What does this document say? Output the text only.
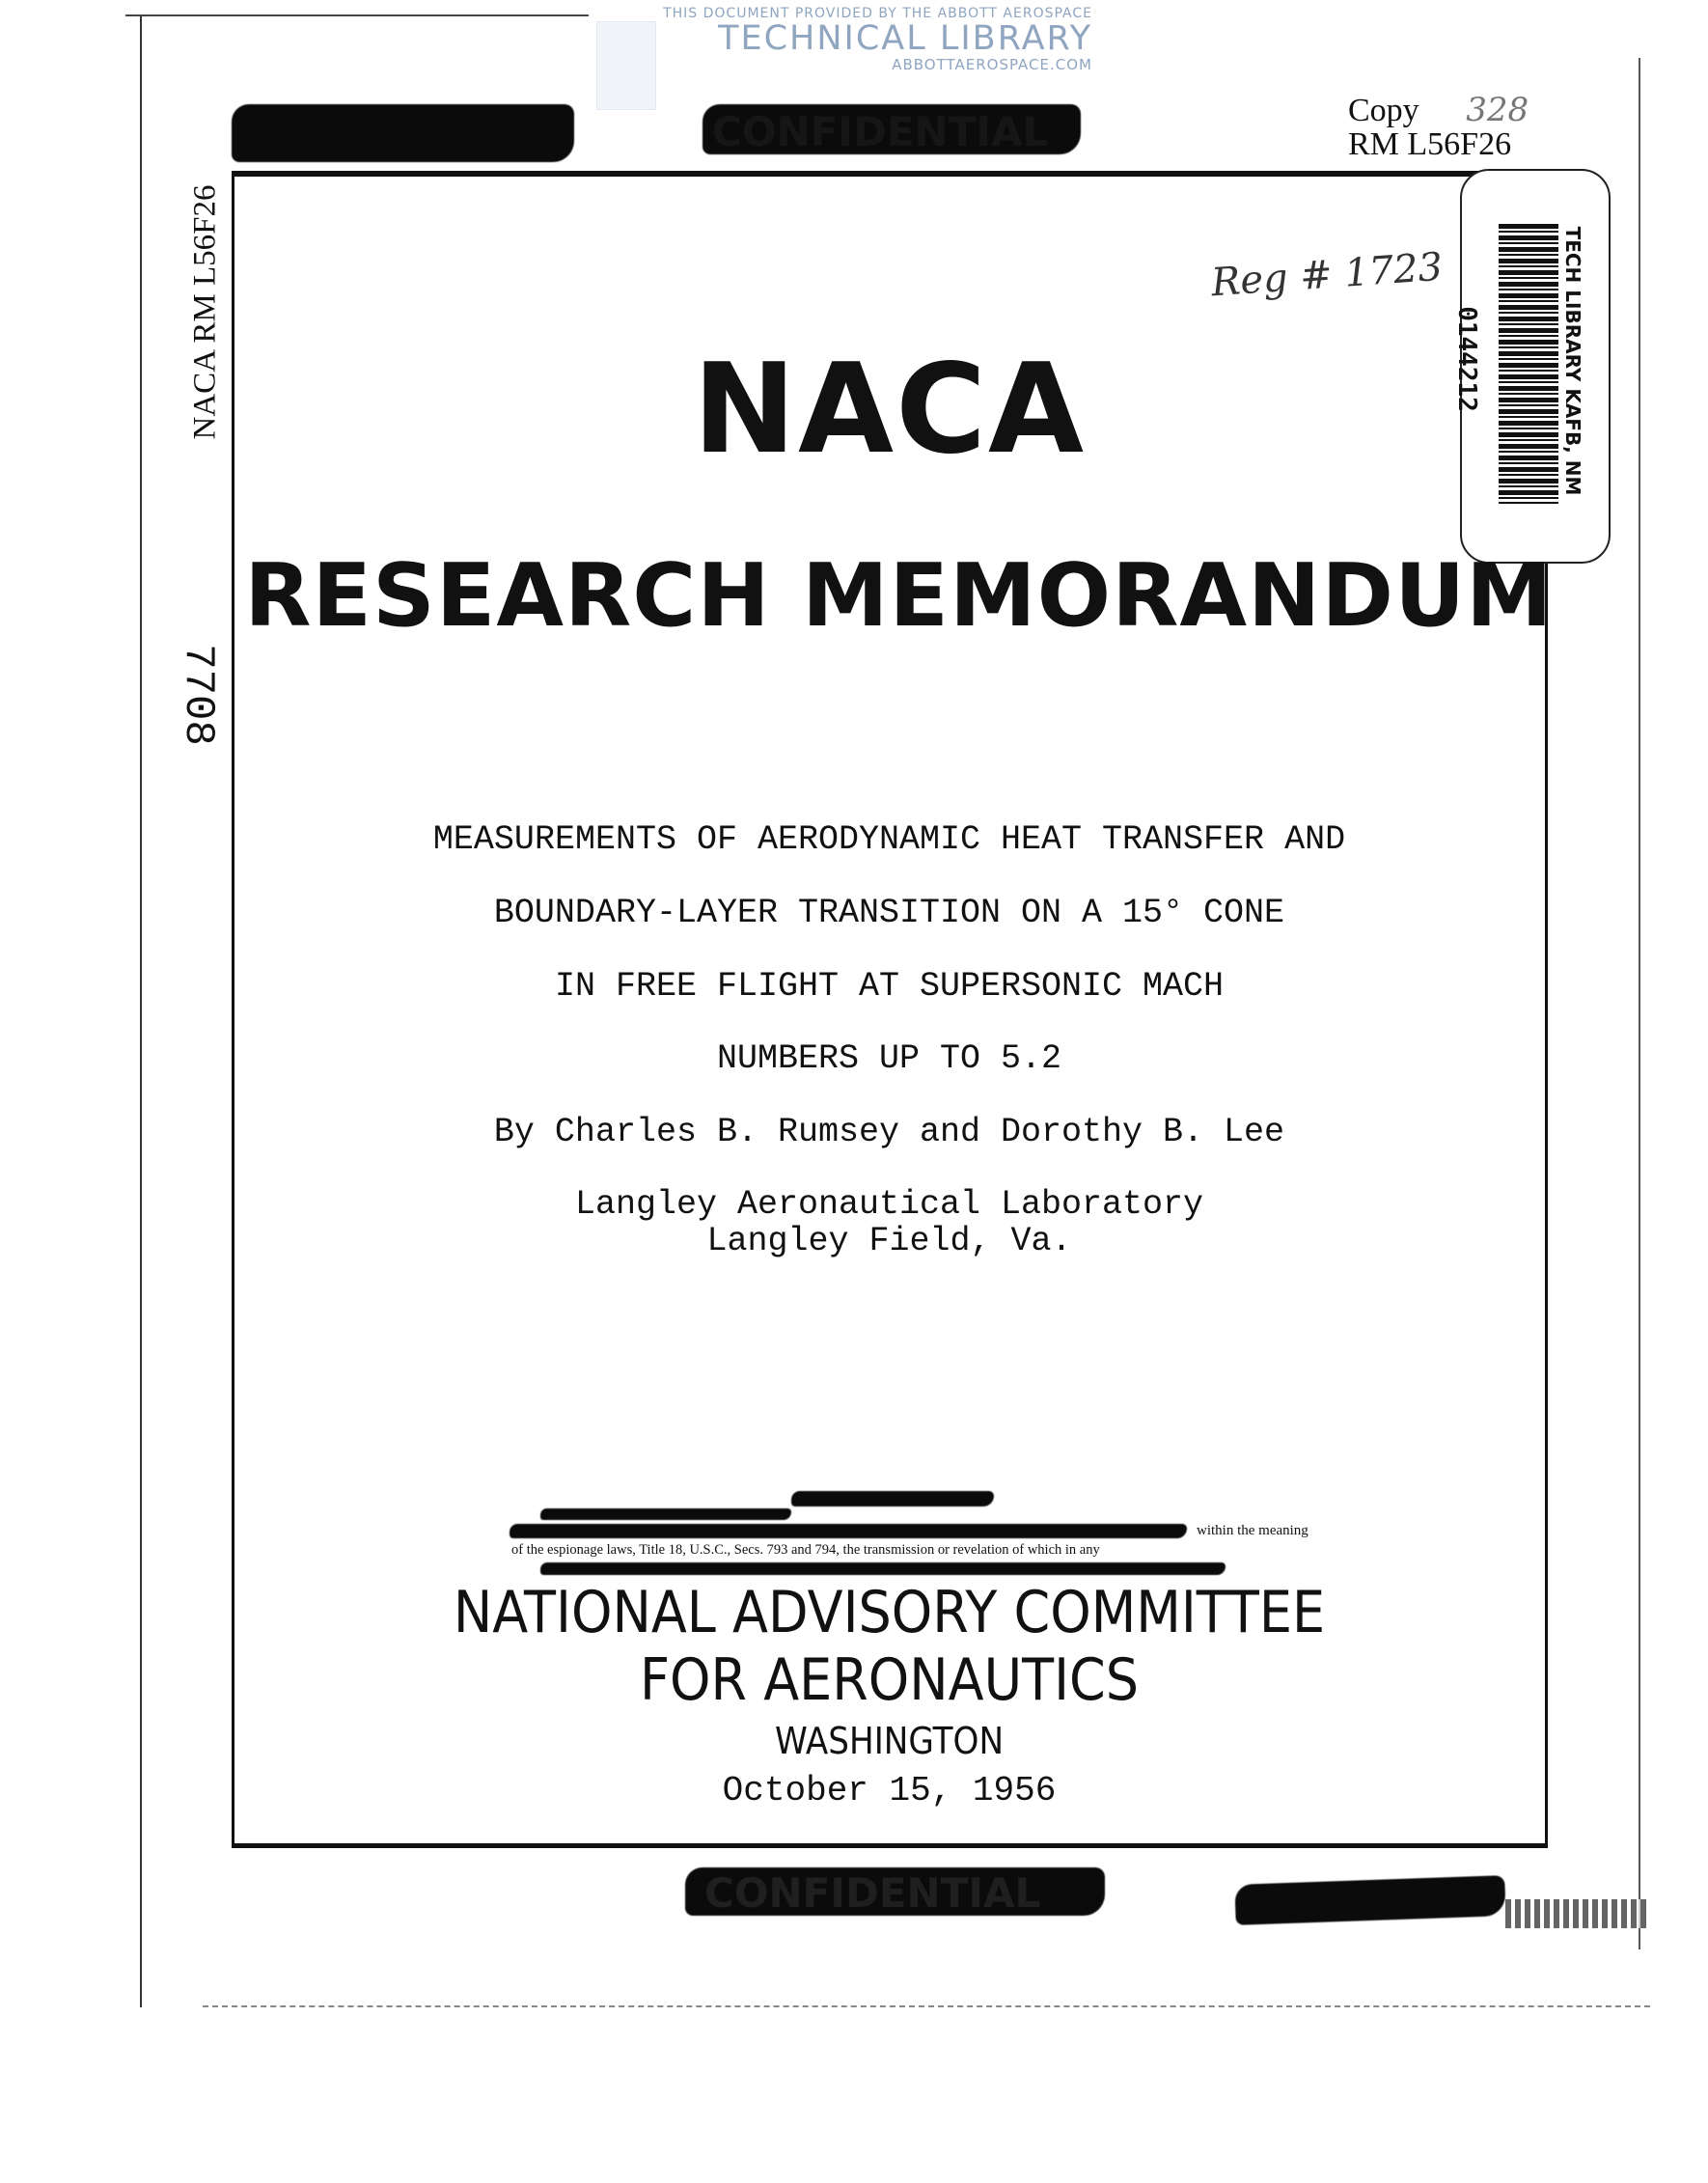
THIS DOCUMENT PROVIDED BY THE ABBOTT AEROSPACE
TECHNICAL LIBRARY
ABBOTTAEROSPACE.COM
CONFIDENTIAL	Copy 328
RM L56F26
Reg # 1723
0144212	TECH LIBRARY KAFB, NM
NACA RM L56F26
7708
NACA
RESEARCH MEMORANDUM
MEASUREMENTS OF AERODYNAMIC HEAT TRANSFER AND
BOUNDARY-LAYER TRANSITION ON A 15° CONE
IN FREE FLIGHT AT SUPERSONIC MACH
NUMBERS UP TO 5.2
By Charles B. Rumsey and Dorothy B. Lee
Langley Aeronautical Laboratory
Langley Field, Va.
within the meaning
of the espionage laws, Title 18, U.S.C., Secs. 793 and 794, the transmission or revelation of which in any
NATIONAL ADVISORY COMMITTEE
FOR AERONAUTICS
WASHINGTON
October 15, 1956
CONFIDENTIAL
